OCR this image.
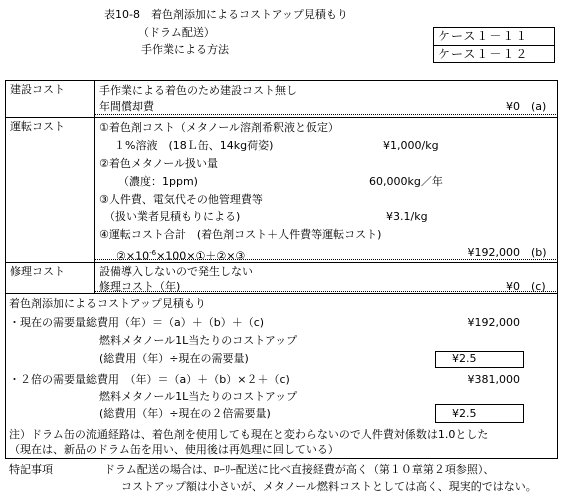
表10-8　着色剤添加によるコストアップ見積もり
（ドラム配送）
手作業による方法
ケース１－１１
ケース１－１２
建設コスト	手作業による着色のため建設コスト無し
年間償却費	¥0 (a)
運転コスト	①着色剤コスト（メタノール溶剤希釈液と仮定）
１%溶液　(18Ｌ缶、14kg荷姿)	¥1,000/kg
②着色メタノール扱い量
（濃度：1ppm)	60,000kg／年
③人件費、電気代その他管理費等
（扱い業者見積もりによる)	¥3.1/kg
④運転コスト合計　(着色剤コスト＋人件費等運転コスト)
$②\times 10^{-6}\times 100\times ①+②\times ③$	¥192,000 (b)
修理コスト	設備導入しないので発生しない
修理コスト（年)	¥0 (c)
着色剤添加によるコストアップ見積もり
・現在の需要量総費用（年）＝（a）＋（b）＋（c)	¥192,000
燃料メタノール1L当たりのコストアップ
(総費用（年）÷現在の需要量)	¥2.5
・２倍の需要量総費用　（年）＝（a）＋（b）×２＋（c)	¥381,000
燃料メタノール1L当たりのコストアップ
(総費用（年）÷現在の２倍需要量)	¥2.5
注）ドラム缶の流通経路は、着色剤を使用しても現在と変わらないので人件費対係数は1.0とした
（現在は、新品のドラム缶を用い、使用後は再処理に回している）
特記事項	ドラム配送の場合は、ﾛｰﾘｰ配送に比べ直接経費が高く（第１０章第２項参照）、
コストアップ額は小さいが、メタノール燃料コストとしては高く、現実的ではない。
